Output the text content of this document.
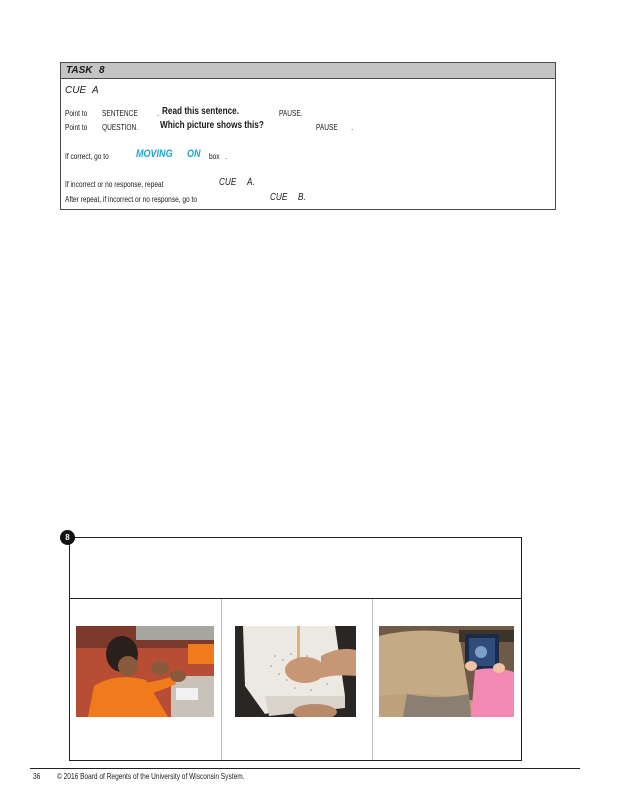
TASK 8
CUE A
Point to SENTENCE . Read this sentence.	PAUSE.
Point to QUESTION. Which picture shows this?	PAUSE .
If correct, go to MOVING ON box .
If incorrect or no response, repeat	CUE A.
After repeat, if incorrect or no response, go to	CUE B.
8
36 © 2016 Board of Regents of the University of Wisconsin System.
